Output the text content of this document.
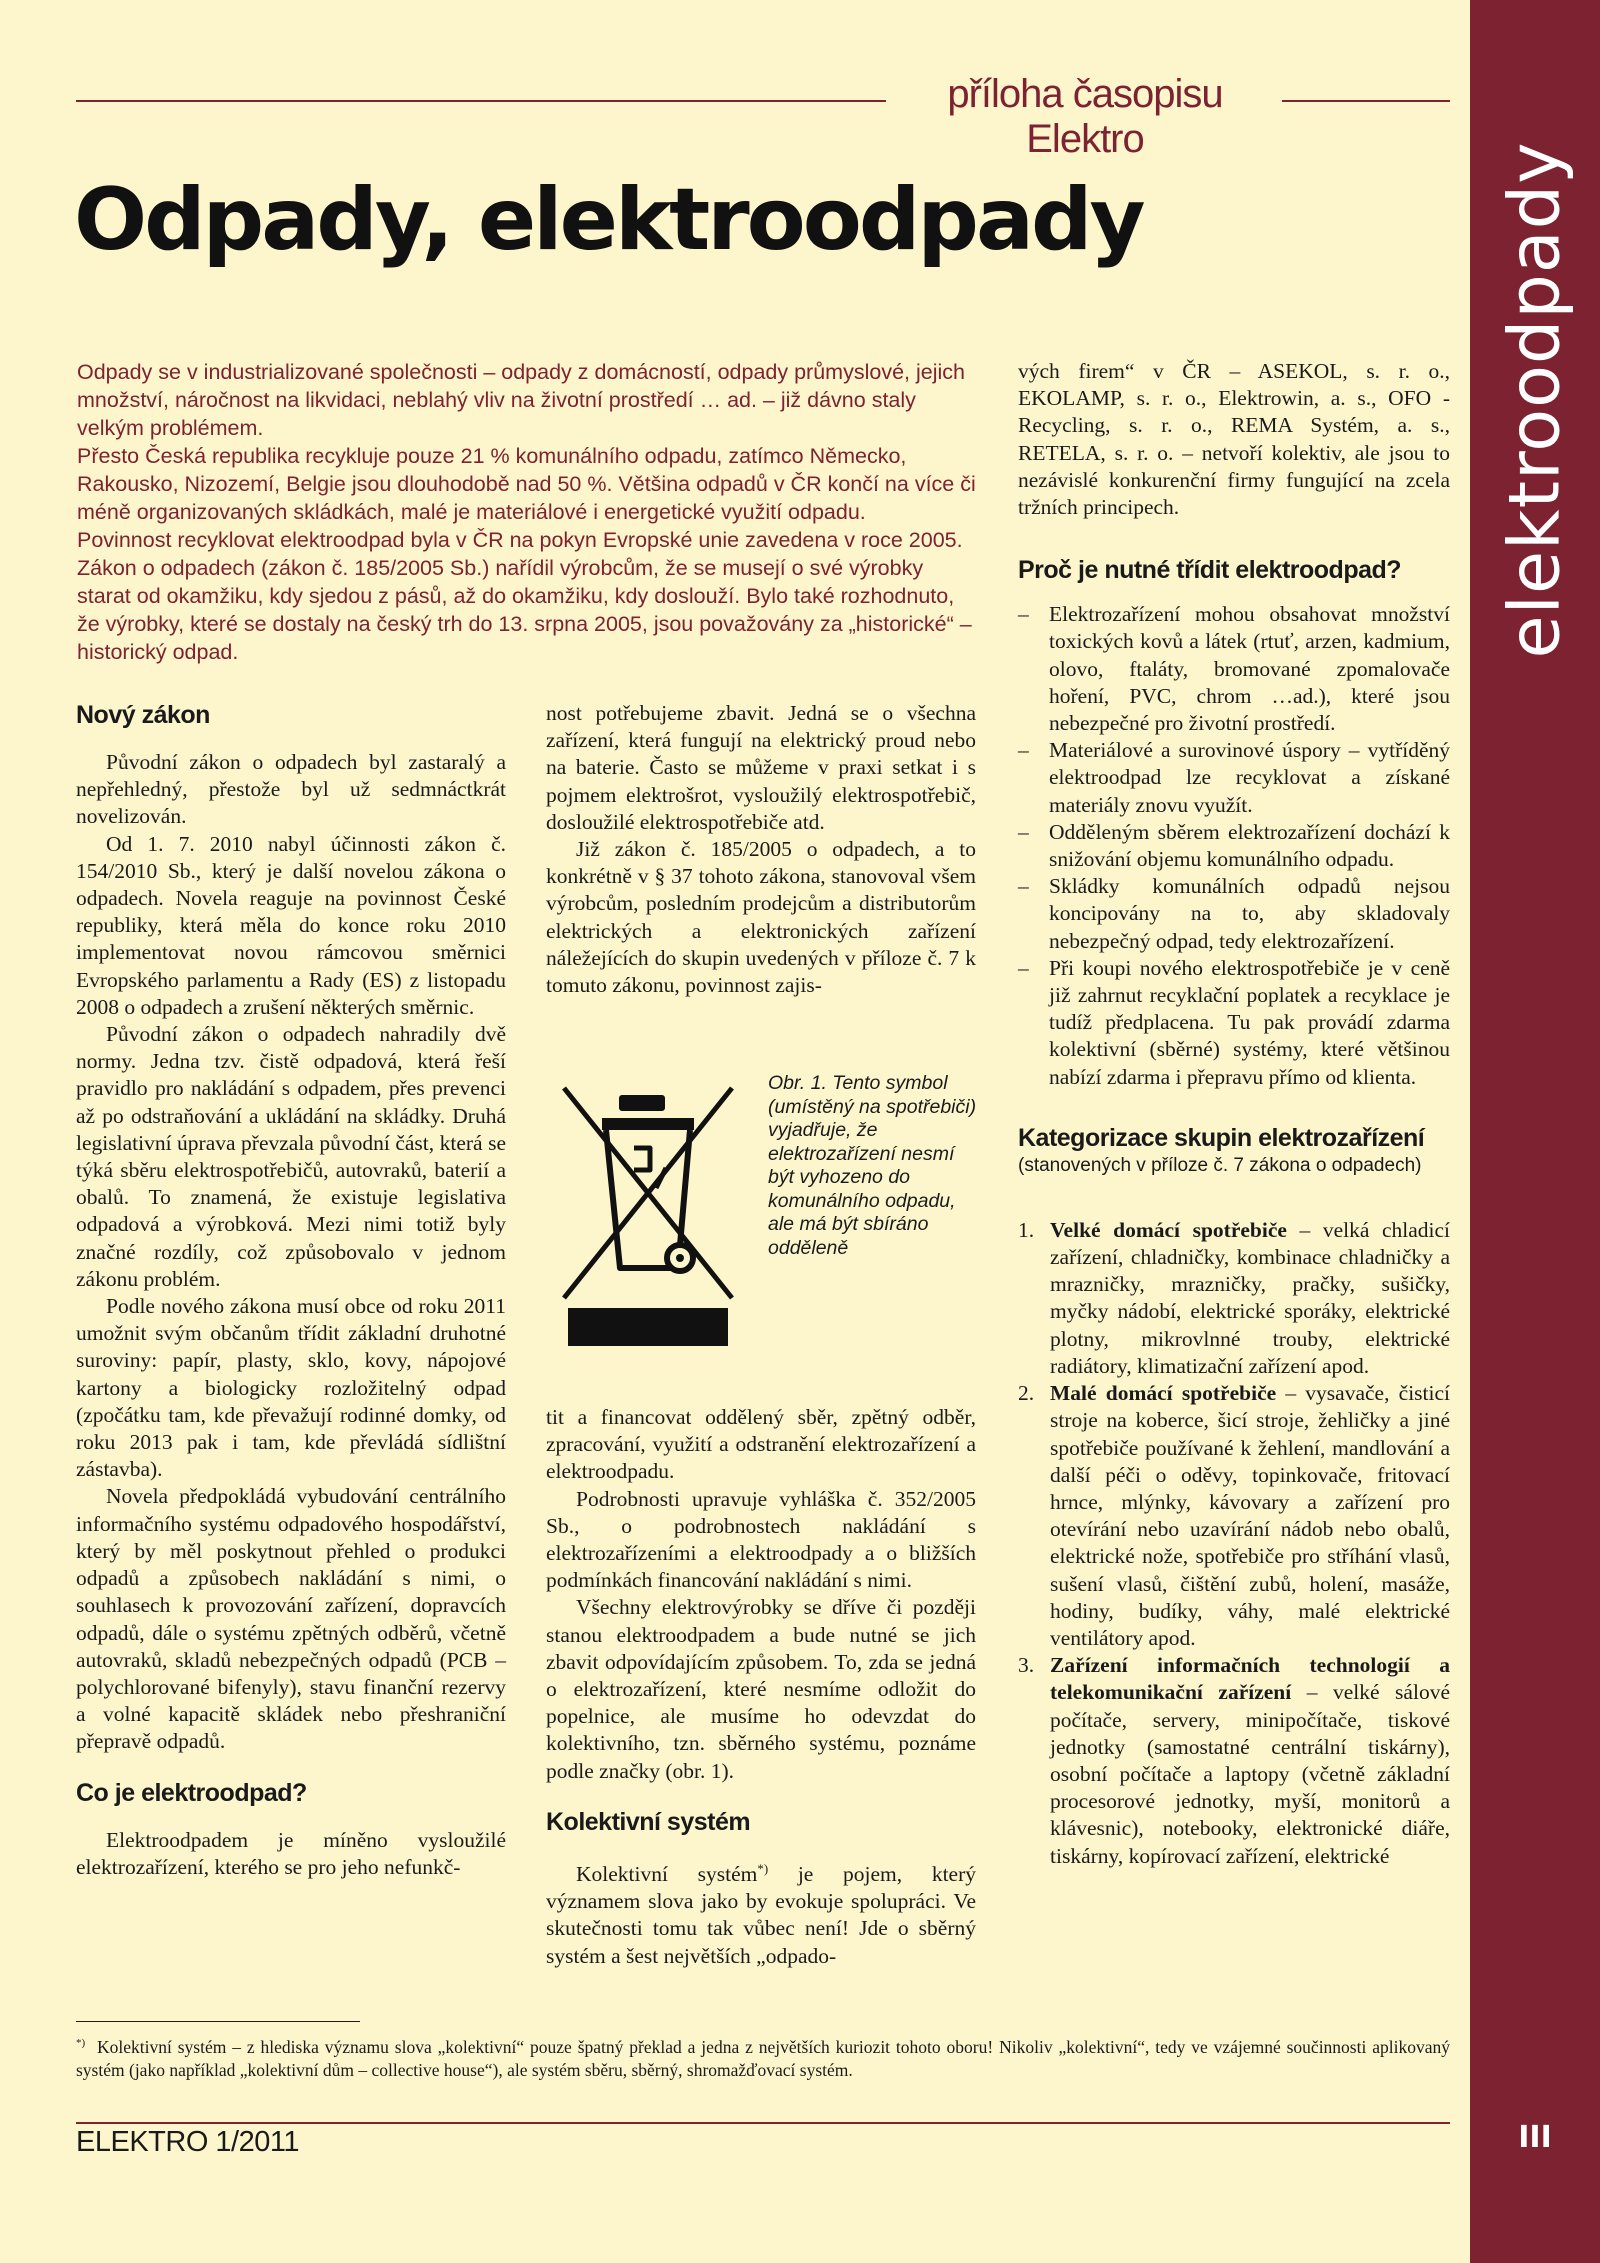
elektroodpady
příloha časopisu Elektro
Odpady, elektroodpady

Odpady se v industrializované společnosti – odpady z domácností, odpady průmyslové, jejich množství, náročnost na likvidaci, neblahý vliv na životní prostředí … ad. – již dávno staly velkým problémem.

Přesto Česká republika recykluje pouze 21 % komunálního odpadu, zatímco Německo, Rakousko, Nizozemí, Belgie jsou dlouhodobě nad 50 %. Většina odpadů v ČR končí na více či méně organizovaných skládkách, malé je materiálové i energetické využití odpadu.

Povinnost recyklovat elektroodpad byla v ČR na pokyn Evropské unie zavedena v roce 2005. Zákon o odpadech (zákon č. 185/2005 Sb.) nařídil výrobcům, že se musejí o své výrobky starat od okamžiku, kdy sjedou z pásů, až do okamžiku, kdy doslouží. Bylo také rozhodnuto, že výrobky, které se dostaly na český trh do 13. srpna 2005, jsou považovány za „historické“ – historický odpad.

Nový zákon

Původní zákon o odpadech byl zastaralý a nepřehledný, přestože byl už sedmnáctkrát novelizován.

Od 1. 7. 2010 nabyl účinnosti zákon č. 154/2010 Sb., který je další novelou zákona o odpadech. Novela reaguje na povinnost České republiky, která měla do konce roku 2010 implementovat novou rámcovou směrnici Evropského parlamentu a Rady (ES) z listopadu 2008 o odpadech a zrušení některých směrnic.

Původní zákon o odpadech nahradily dvě normy. Jedna tzv. čistě odpadová, která řeší pravidlo pro nakládání s odpadem, přes prevenci až po odstraňování a ukládání na skládky. Druhá legislativní úprava převzala původní část, která se týká sběru elektrospotřebičů, autovraků, baterií a obalů. To znamená, že existuje legislativa odpadová a výrobková. Mezi nimi totiž byly značné rozdíly, což způsobovalo v jednom zákonu problém.

Podle nového zákona musí obce od roku 2011 umožnit svým občanům třídit základní druhotné suroviny: papír, plasty, sklo, kovy, nápojové kartony a biologicky rozložitelný odpad (zpočátku tam, kde převažují rodinné domky, od roku 2013 pak i tam, kde převládá sídlištní zástavba).

Novela předpokládá vybudování centrálního informačního systému odpadového hospodářství, který by měl poskytnout přehled o produkci odpadů a způsobech nakládání s nimi, o souhlasech k provozování zařízení, dopravcích odpadů, dále o systému zpětných odběrů, včetně autovraků, skladů nebezpečných odpadů (PCB – polychlorované bifenyly), stavu finanční rezervy a volné kapacitě skládek nebo přeshraniční přepravě odpadů.

Co je elektroodpad?

Elektroodpadem je míněno vysloužilé elektrozařízení, kterého se pro jeho nefunkč-

nost potřebujeme zbavit. Jedná se o všechna zařízení, která fungují na elektrický proud nebo na baterie. Často se můžeme v praxi setkat i s pojmem elektrošrot, vysloužilý elektrospotřebič, dosloužilé elektrospotřebiče atd.

Již zákon č. 185/2005 o odpadech, a to konkrétně v § 37 tohoto zákona, stanovoval všem výrobcům, posledním prodejcům a distributorům elektrických a elektronických zařízení náležejících do skupin uvedených v příloze č. 7 k tomuto zákonu, povinnost zajis-

Obr. 1. Tento symbol (umístěný na spotřebiči) vyjadřuje, že elektrozařízení nesmí být vyhozeno do komunálního odpadu, ale má být sbíráno odděleně

tit a financovat oddělený sběr, zpětný odběr, zpracování, využití a odstranění elektrozařízení a elektroodpadu.

Podrobnosti upravuje vyhláška č. 352/2005 Sb., o podrobnostech nakládání s elektrozařízeními a elektroodpady a o bližších podmínkách financování nakládání s nimi.

Všechny elektrovýrobky se dříve či později stanou elektroodpadem a bude nutné se jich zbavit odpovídajícím způsobem. To, zda se jedná o elektrozařízení, které nesmíme odložit do popelnice, ale musíme ho odevzdat do kolektivního, tzn. sběrného systému, poznáme podle značky (obr. 1).

Kolektivní systém

Kolektivní systém*) je pojem, který významem slova jako by evokuje spolupráci. Ve skutečnosti tomu tak vůbec není! Jde o sběrný systém a šest největších „odpado-

vých firem“ v ČR – ASEKOL, s. r. o., EKOLAMP, s. r. o., Elektrowin, a. s., OFO - Recycling, s. r. o., REMA Systém, a. s., RETELA, s. r. o. – netvoří kolektiv, ale jsou to nezávislé konkurenční firmy fungující na zcela tržních principech.

Proč je nutné třídit elektroodpad?
– Elektrozařízení mohou obsahovat množství toxických kovů a látek (rtuť, arzen, kadmium, olovo, ftaláty, bromované zpomalovače hoření, PVC, chrom …ad.), které jsou nebezpečné pro životní prostředí.
– Materiálové a surovinové úspory – vytříděný elektroodpad lze recyklovat a získané materiály znovu využít.
– Odděleným sběrem elektrozařízení dochází k snižování objemu komunálního odpadu.
– Skládky komunálních odpadů nejsou koncipovány na to, aby skladovaly nebezpečný odpad, tedy elektrozařízení.
– Při koupi nového elektrospotřebiče je v ceně již zahrnut recyklační poplatek a recyklace je tudíž předplacena. Tu pak provádí zdarma kolektivní (sběrné) systémy, které většinou nabízí zdarma i přepravu přímo od klienta.
Kategorizace skupin elektrozařízení
(stanovených v příloze č. 7 zákona o odpadech)
1. Velké domácí spotřebiče – velká chladicí zařízení, chladničky, kombinace chladničky a mrazničky, mrazničky, pračky, sušičky, myčky nádobí, elektrické sporáky, elektrické plotny, mikrovlnné trouby, elektrické radiátory, klimatizační zařízení apod.
2. Malé domácí spotřebiče – vysavače, čisticí stroje na koberce, šicí stroje, žehličky a jiné spotřebiče používané k žehlení, mandlování a další péči o oděvy, topinkovače, fritovací hrnce, mlýnky, kávovary a zařízení pro otevírání nebo uzavírání nádob nebo obalů, elektrické nože, spotřebiče pro stříhání vlasů, sušení vlasů, čištění zubů, holení, masáže, hodiny, budíky, váhy, malé elektrické ventilátory apod.
3. Zařízení informačních technologií a telekomunikační zařízení – velké sálové počítače, servery, minipočítače, tiskové jednotky (samostatné centrální tiskárny), osobní počítače a laptopy (včetně základní procesorové jednotky, myší, monitorů a klávesnic), notebooky, elektronické diáře, tiskárny, kopírovací zařízení, elektrické
*) Kolektivní systém – z hlediska významu slova „kolektivní“ pouze špatný překlad a jedna z největších kuriozit tohoto oboru! Nikoliv „kolektivní“, tedy ve vzájemné součinnosti aplikovaný systém (jako například „kolektivní dům – collective house“), ale systém sběru, sběrný, shromažďovací systém.
ELEKTRO 1/2011	III
